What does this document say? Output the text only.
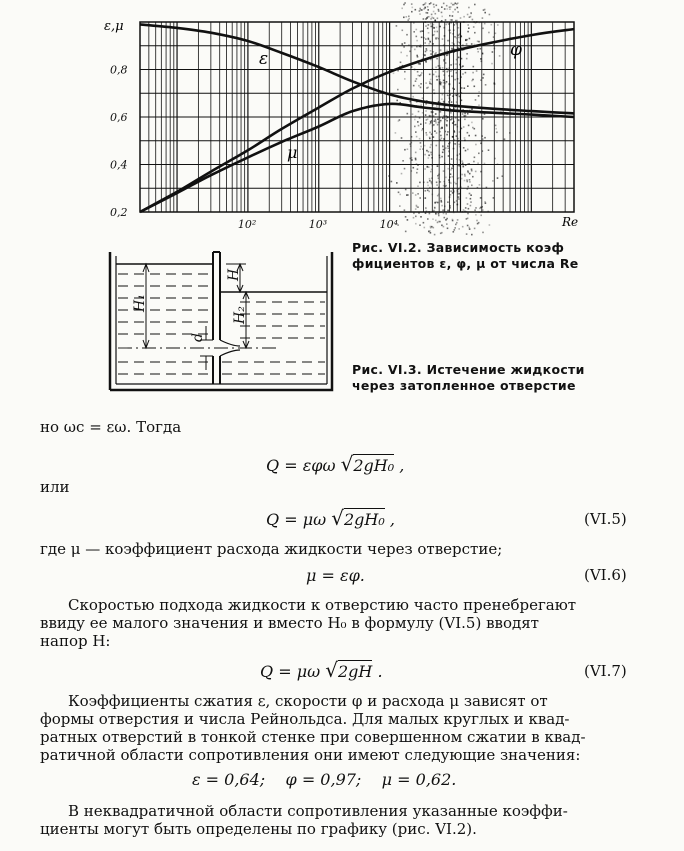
10²	10³	10⁴
0,2
0,4
0,6
0,8
ε,μ
Re
ε	φ
μ
H₁
H
H₂
d
Рис. VI.2. Зависимость коэф
фициентов ε, φ, μ от числа Re
Рис. VI.3. Истечение жидкости
через затопленное отверстие
но ωс = εω. Тогда
Q = εφω √2gH₀ ,
или
Q = μω √2gH₀ ,	(VI.5)
где μ — коэффициент расхода жидкости через отверстие;
μ = εφ.	(VI.6)
Скоростью подхода жидкости к отверстию часто пренебрегают
ввиду ее малого значения и вместо H₀ в формулу (VI.5) вводят
напор H:
Q = μω √2gH .	(VI.7)
Коэффициенты сжатия ε, скорости φ и расхода μ зависят от
формы отверстия и числа Рейнольдса. Для малых круглых и квад-
ратных отверстий в тонкой стенке при совершенном сжатии в квад-
ратичной области сопротивления они имеют следующие значения:
ε = 0,64;    φ = 0,97;    μ = 0,62.
В неквадратичной области сопротивления указанные коэффи-
циенты могут быть определены по графику (рис. VI.2).
